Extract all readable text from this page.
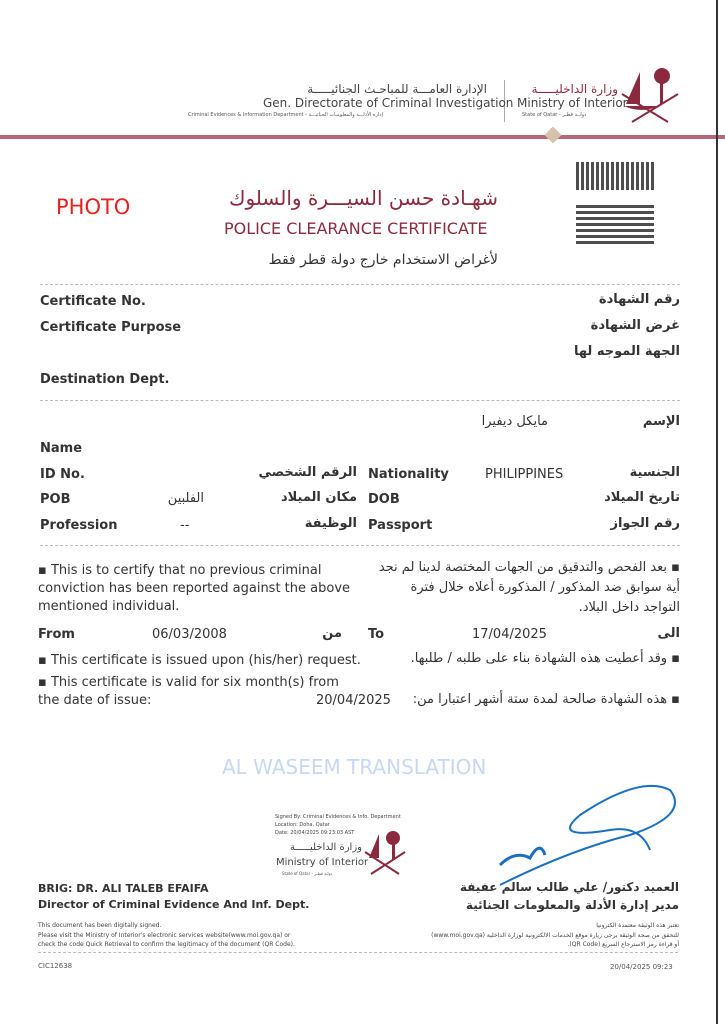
وزارة الداخليـــــة
Ministry of Interior
State of Qatar - دولــة قطـر
الإدارة العامـــة للمباحـث الجنائيـــــة
Gen. Directorate of Criminal Investigation
Criminal Evidences & Information Department - إدارة الأدلـــة والمعلومـات الجنائيـــة
PHOTO	شهـادة حسن السيـــرة والسلوك
POLICE CLEARANCE CERTIFICATE
لأغراض الاستخدام خارج دولة قطر فقط
Certificate No.	رقم الشهادة
Certificate Purpose	غرض الشهادة
الجهة الموجه لها
Destination Dept.
الإسم
مايكل ديفيرا
Name
ID No.	الرقم الشخصي Nationality	PHILIPPINES	الجنسية
POB	الفلبين	مكان الميلاد DOB	تاريخ الميلاد
Profession	--	الوظيفة Passport	رقم الجواز
▪ This is to certify that no previous criminal
conviction has been reported against the above
mentioned individual.
▪ بعد الفحص والتدقيق من الجهات المختصة لدينا لم نجد
أية سوابق ضد المذكور / المذكورة أعلاه خلال فترة
التواجد داخل البلاد.
From	06/03/2008	من To	17/04/2025	الى
▪ This certificate is issued upon (his/her) request.	▪ وقد أعطيت هذه الشهادة بناء على طلبه / طلبها.
▪ This certificate is valid for six month(s) from
the date of issue:	20/04/2025 ▪ هذه الشهادة صالحة لمدة ستة أشهر اعتبارا من:
AL WASEEM TRANSLATION
Signed By: Criminal Evidences & Info. Department
Location: Doha, Qatar
Date: 20/04/2025 09:23:03 AST
وزارة الداخليـــــة
Ministry of Interior
State of Qatar - دولـة قطـر
BRIG: DR. ALI TALEB EFAIFA
Director of Criminal Evidence And Inf. Dept.
العميد دكتور/ علي طالب سالم عفيفة
مدير إدارة الأدلة والمعلومات الجنائية
This document has been digitally signed.
Please visit the Ministry of Interior's electronic services website(www.moi.gov.qa) or
check the code Quick Retrieval to confirm the legitimacy of the document (QR Code).
تعتبر هذه الوثيقة معتمدة الكترونيا
للتحقق من صحة الوثيقة يرجى زيارة موقع الخدمات الالكترونية لوزارة الداخلية (www.moi.gov.qa)
أو قراءة رمز الاسترجاع السريع (QR Code).
CIC12638	20/04/2025 09:23
